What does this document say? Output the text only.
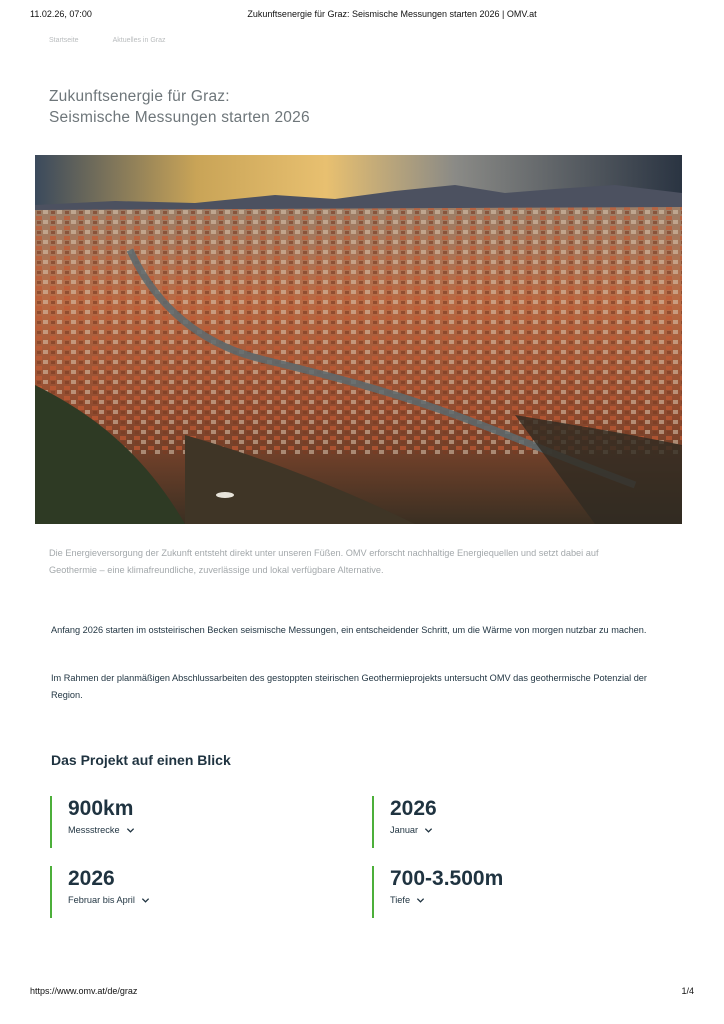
11.02.26, 07:00	Zukunftsenergie für Graz: Seismische Messungen starten 2026 | OMV.at
Startseite	Aktuelles in Graz
Zukunftsenergie für Graz:
Seismische Messungen starten 2026

Die Energieversorgung der Zukunft entsteht direkt unter unseren Füßen. OMV erforscht nachhaltige Energiequellen und setzt dabei auf Geothermie – eine klimafreundliche, zuverlässige und lokal verfügbare Alternative.

Anfang 2026 starten im oststeirischen Becken seismische Messungen, ein entscheidender Schritt, um die Wärme von morgen nutzbar zu machen.

Im Rahmen der planmäßigen Abschlussarbeiten des gestoppten steirischen Geothermieprojekts untersucht OMV das geothermische Potenzial der Region.

Das Projekt auf einen Blick
900km
Messstrecke
2026
Januar
2026
Februar bis April
700-3.500m
Tiefe
https://www.omv.at/de/graz	1/4
